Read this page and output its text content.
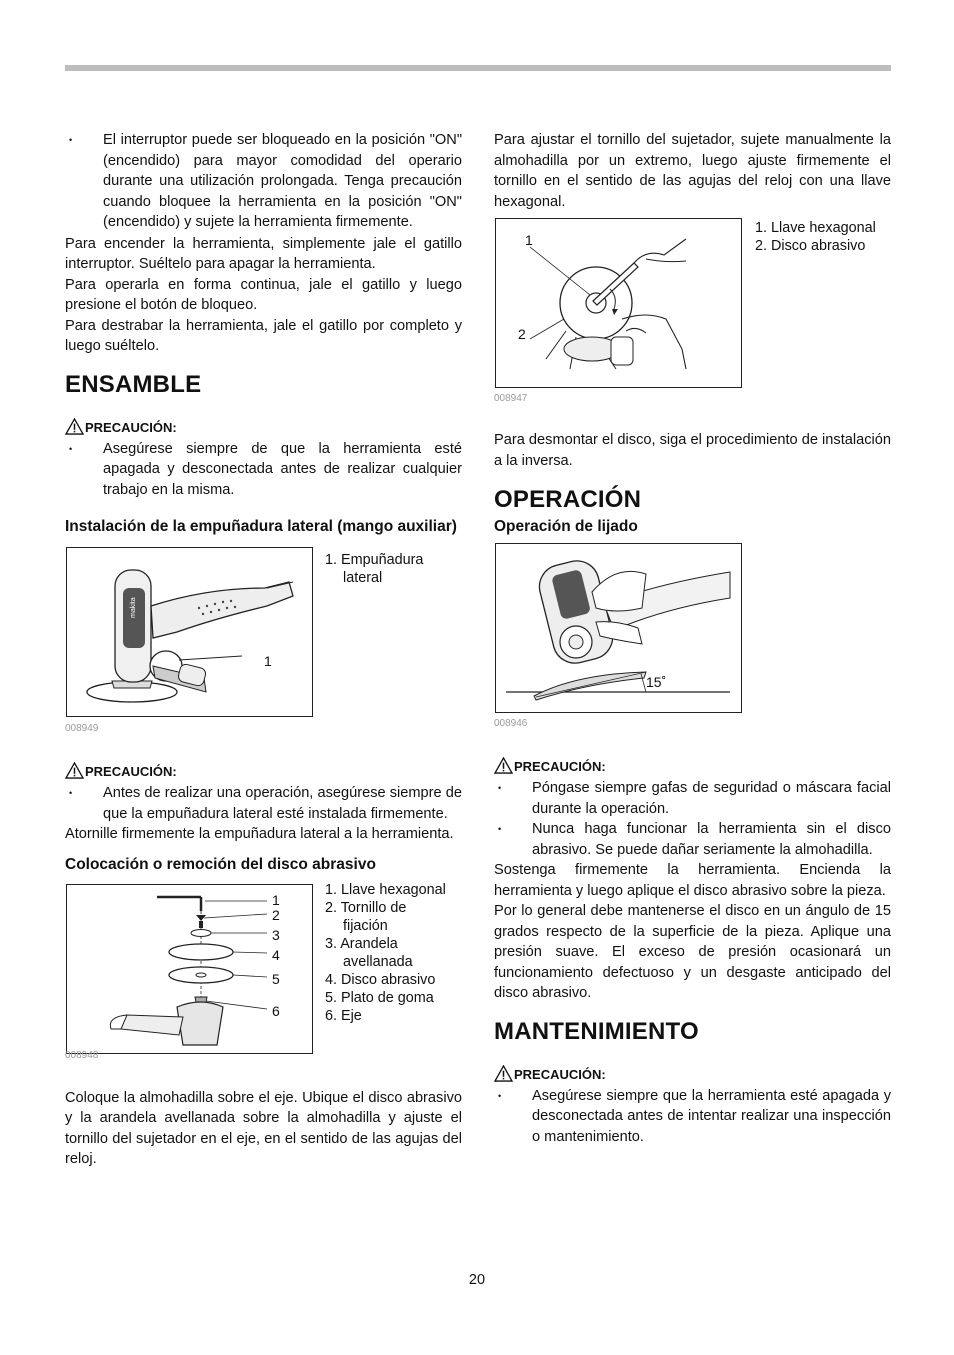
• El interruptor puede ser bloqueado en la posición "ON" (encendido) para mayor comodidad del operario durante una utilización prolongada. Tenga precaución cuando bloquee la herramienta en la posición "ON" (encendido) y sujete la herramienta firmemente.

Para encender la herramienta, simplemente jale el gatillo interruptor. Suéltelo para apagar la herramienta.

Para operarla en forma continua, jale el gatillo y luego presione el botón de bloqueo.

Para destrabar la herramienta, jale el gatillo por completo y luego suéltelo.

ENSAMBLE
PRECAUCIÓN:
• Asegúrese siempre de que la herramienta esté apagada y desconectada antes de realizar cualquier trabajo en la misma.
Instalación de la empuñadura lateral (mango auxiliar)
makita
1
1. Empuñadura
lateral
008949
PRECAUCIÓN:
• Antes de realizar una operación, asegúrese siempre de que la empuñadura lateral esté instalada firmemente.

Atornille firmemente la empuñadura lateral a la herramienta.

Colocación o remoción del disco abrasivo
1
2
3
4
5
6
1. Llave hexagonal
2. Tornillo de
fijación
3. Arandela
avellanada
4. Disco abrasivo
5. Plato de goma
6. Eje
008948

Coloque la almohadilla sobre el eje. Ubique el disco abrasivo y la arandela avellanada sobre la almohadilla y ajuste el tornillo del sujetador en el eje, en el sentido de las agujas del reloj.

Para ajustar el tornillo del sujetador, sujete manualmente la almohadilla por un extremo, luego ajuste firmemente el tornillo en el sentido de las agujas del reloj con una llave hexagonal.

1
2
1. Llave hexagonal
2. Disco abrasivo
008947

Para desmontar el disco, siga el procedimiento de instalación a la inversa.

OPERACIÓN
Operación de lijado
15˚
008946
PRECAUCIÓN:
• Póngase siempre gafas de seguridad o máscara facial durante la operación.
• Nunca haga funcionar la herramienta sin el disco abrasivo. Se puede dañar seriamente la almohadilla.

Sostenga firmemente la herramienta. Encienda la herramienta y luego aplique el disco abrasivo sobre la pieza.

Por lo general debe mantenerse el disco en un ángulo de 15 grados respecto de la superficie de la pieza. Aplique una presión suave. El exceso de presión ocasionará un funcionamiento defectuoso y un desgaste anticipado del disco abrasivo.

MANTENIMIENTO
PRECAUCIÓN:
• Asegúrese siempre que la herramienta esté apagada y desconectada antes de intentar realizar una inspección o mantenimiento.
20
